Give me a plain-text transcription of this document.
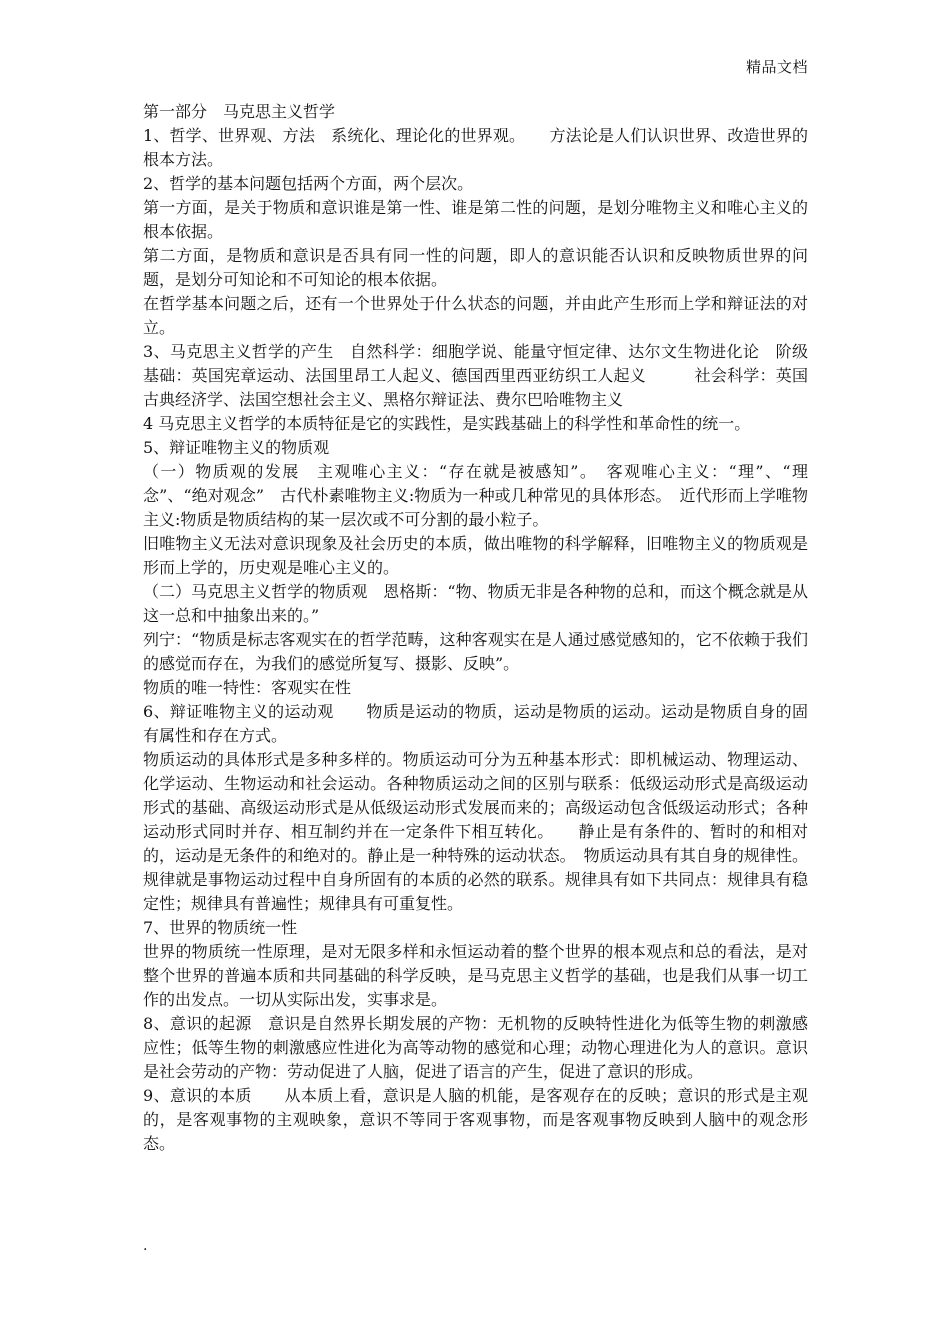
精品文档

第一部分　马克思主义哲学

1、哲学、世界观、方法　系统化、理论化的世界观。　　方法论是人们认识世界、改造世界的根本方法。

2、哲学的基本问题包括两个方面，两个层次。

第一方面，是关于物质和意识谁是第一性、谁是第二性的问题，是划分唯物主义和唯心主义的根本依据。

第二方面，是物质和意识是否具有同一性的问题，即人的意识能否认识和反映物质世界的问题，是划分可知论和不可知论的根本依据。

在哲学基本问题之后，还有一个世界处于什么状态的问题，并由此产生形而上学和辩证法的对立。

3、马克思主义哲学的产生　自然科学：细胞学说、能量守恒定律、达尔文生物进化论　阶级基础：英国宪章运动、法国里昂工人起义、德国西里西亚纺织工人起义　　　社会科学：英国古典经济学、法国空想社会主义、黑格尔辩证法、费尔巴哈唯物主义

4 马克思主义哲学的本质特征是它的实践性，是实践基础上的科学性和革命性的统一。

5、辩证唯物主义的物质观

（一）物质观的发展　主观唯心主义：“存在就是被感知”。　客观唯心主义：“理”、“理念”、“绝对观念”　古代朴素唯物主义:物质为一种或几种常见的具体形态。　近代形而上学唯物主义:物质是物质结构的某一层次或不可分割的最小粒子。

旧唯物主义无法对意识现象及社会历史的本质，做出唯物的科学解释，旧唯物主义的物质观是形而上学的，历史观是唯心主义的。

（二）马克思主义哲学的物质观　恩格斯：“物、物质无非是各种物的总和，而这个概念就是从这一总和中抽象出来的。”

列宁：“物质是标志客观实在的哲学范畴，这种客观实在是人通过感觉感知的，它不依赖于我们的感觉而存在，为我们的感觉所复写、摄影、反映”。

物质的唯一特性：客观实在性

6、辩证唯物主义的运动观　　物质是运动的物质，运动是物质的运动。运动是物质自身的固有属性和存在方式。

物质运动的具体形式是多种多样的。物质运动可分为五种基本形式：即机械运动、物理运动、化学运动、生物运动和社会运动。各种物质运动之间的区别与联系：低级运动形式是高级运动形式的基础、高级运动形式是从低级运动形式发展而来的；高级运动包含低级运动形式；各种运动形式同时并存、相互制约并在一定条件下相互转化。　　静止是有条件的、暂时的和相对的，运动是无条件的和绝对的。静止是一种特殊的运动状态。　物质运动具有其自身的规律性。规律就是事物运动过程中自身所固有的本质的必然的联系。规律具有如下共同点：规律具有稳定性；规律具有普遍性；规律具有可重复性。

7、世界的物质统一性

世界的物质统一性原理，是对无限多样和永恒运动着的整个世界的根本观点和总的看法，是对整个世界的普遍本质和共同基础的科学反映，是马克思主义哲学的基础，也是我们从事一切工作的出发点。一切从实际出发，实事求是。

8、意识的起源　意识是自然界长期发展的产物：无机物的反映特性进化为低等生物的刺激感应性；低等生物的刺激感应性进化为高等动物的感觉和心理；动物心理进化为人的意识。意识是社会劳动的产物：劳动促进了人脑，促进了语言的产生，促进了意识的形成。

9、意识的本质　　从本质上看，意识是人脑的机能，是客观存在的反映；意识的形式是主观的，是客观事物的主观映象，意识不等同于客观事物，而是客观事物反映到人脑中的观念形态。

.
